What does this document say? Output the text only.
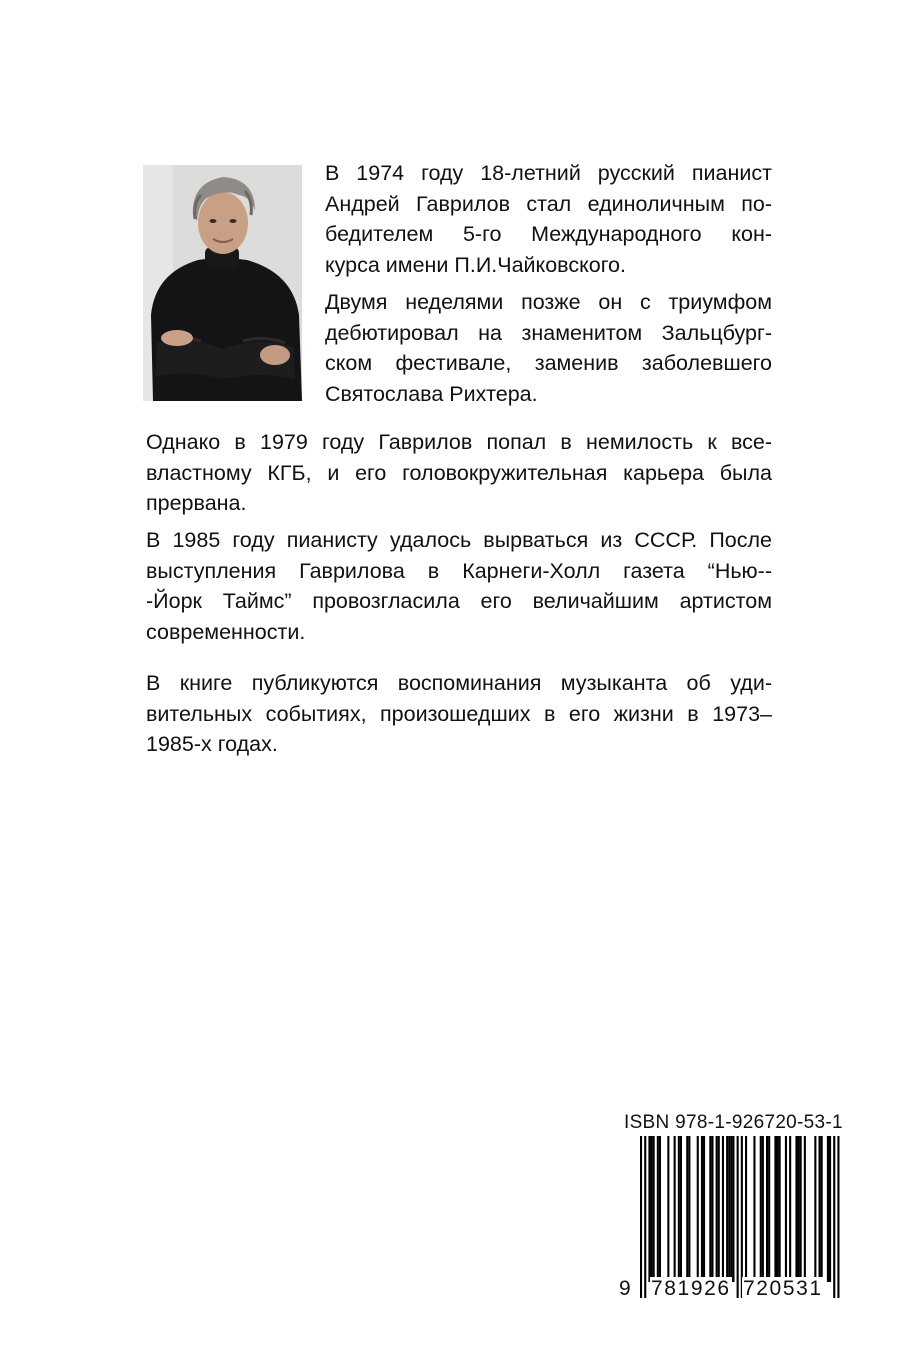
В 1974 году 18-летний русский пианист
Андрей Гаврилов стал единоличным по-
бедителем 5-го Международного кон-
курса имени П.И.Чайковского.
Двумя неделями позже он с триумфом
дебютировал на знаменитом Зальцбург-
ском фестивале, заменив заболевшего
Святослава Рихтера.
Однако в 1979 году Гаврилов попал в немилость к все-
властному КГБ, и его головокружительная карьера была
прервана.
В 1985 году пианисту удалось вырваться из СССР. После
выступления Гаврилова в Карнеги-Холл газета “Нью--
-Йорк Таймс” провозгласила его величайшим артистом
современности.
В книге публикуются воспоминания музыканта об уди-
вительных событиях, произошедших в его жизни в 1973–
1985-х годах.
ISBN 978-1-926720-53-1
9 781926 720531
